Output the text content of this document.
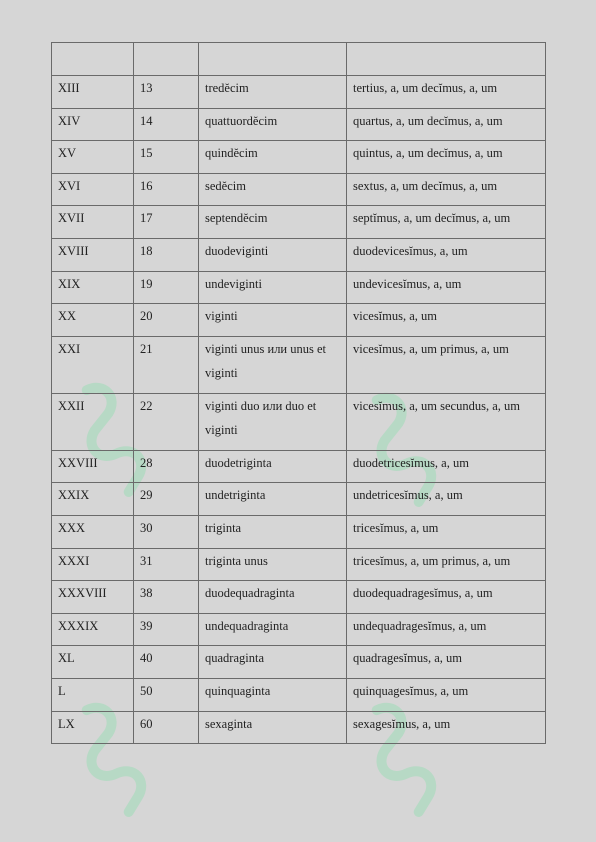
XIII	13	tredĕcim	tertius, a, um decĭmus, a, um
XIV	14	quattuordĕcim	quartus, a, um decĭmus, a, um
XV	15	quindĕcim	quintus, a, um decĭmus, a, um
XVI	16	sedĕcim	sextus, a, um decĭmus, a, um
XVII	17	septendĕcim	septĭmus, a, um decĭmus, a, um
XVIII	18	duodeviginti	duodevicesĭmus, a, um
XIX	19	undeviginti	undevicesĭmus, a, um
XX	20	viginti	vicesĭmus, a, um
XXI	21	viginti unus или unus et viginti	vicesĭmus, a, um primus, a, um
XXII	22	viginti duo или duo et viginti	vicesĭmus, a, um secundus, a, um
XXVIII	28	duodetriginta	duodetricesĭmus, a, um
XXIX	29	undetriginta	undetricesĭmus, a, um
XXX	30	triginta	tricesĭmus, a, um
XXXI	31	triginta unus	tricesĭmus, a, um primus, a, um
XXXVIII	38	duodequadraginta	duodequadragesĭmus, a, um
XXXIX	39	undequadraginta	undequadragesĭmus, a, um
XL	40	quadraginta	quadragesĭmus, a, um
L	50	quinquaginta	quinquagesĭmus, a, um
LX	60	sexaginta	sexagesĭmus, a, um
